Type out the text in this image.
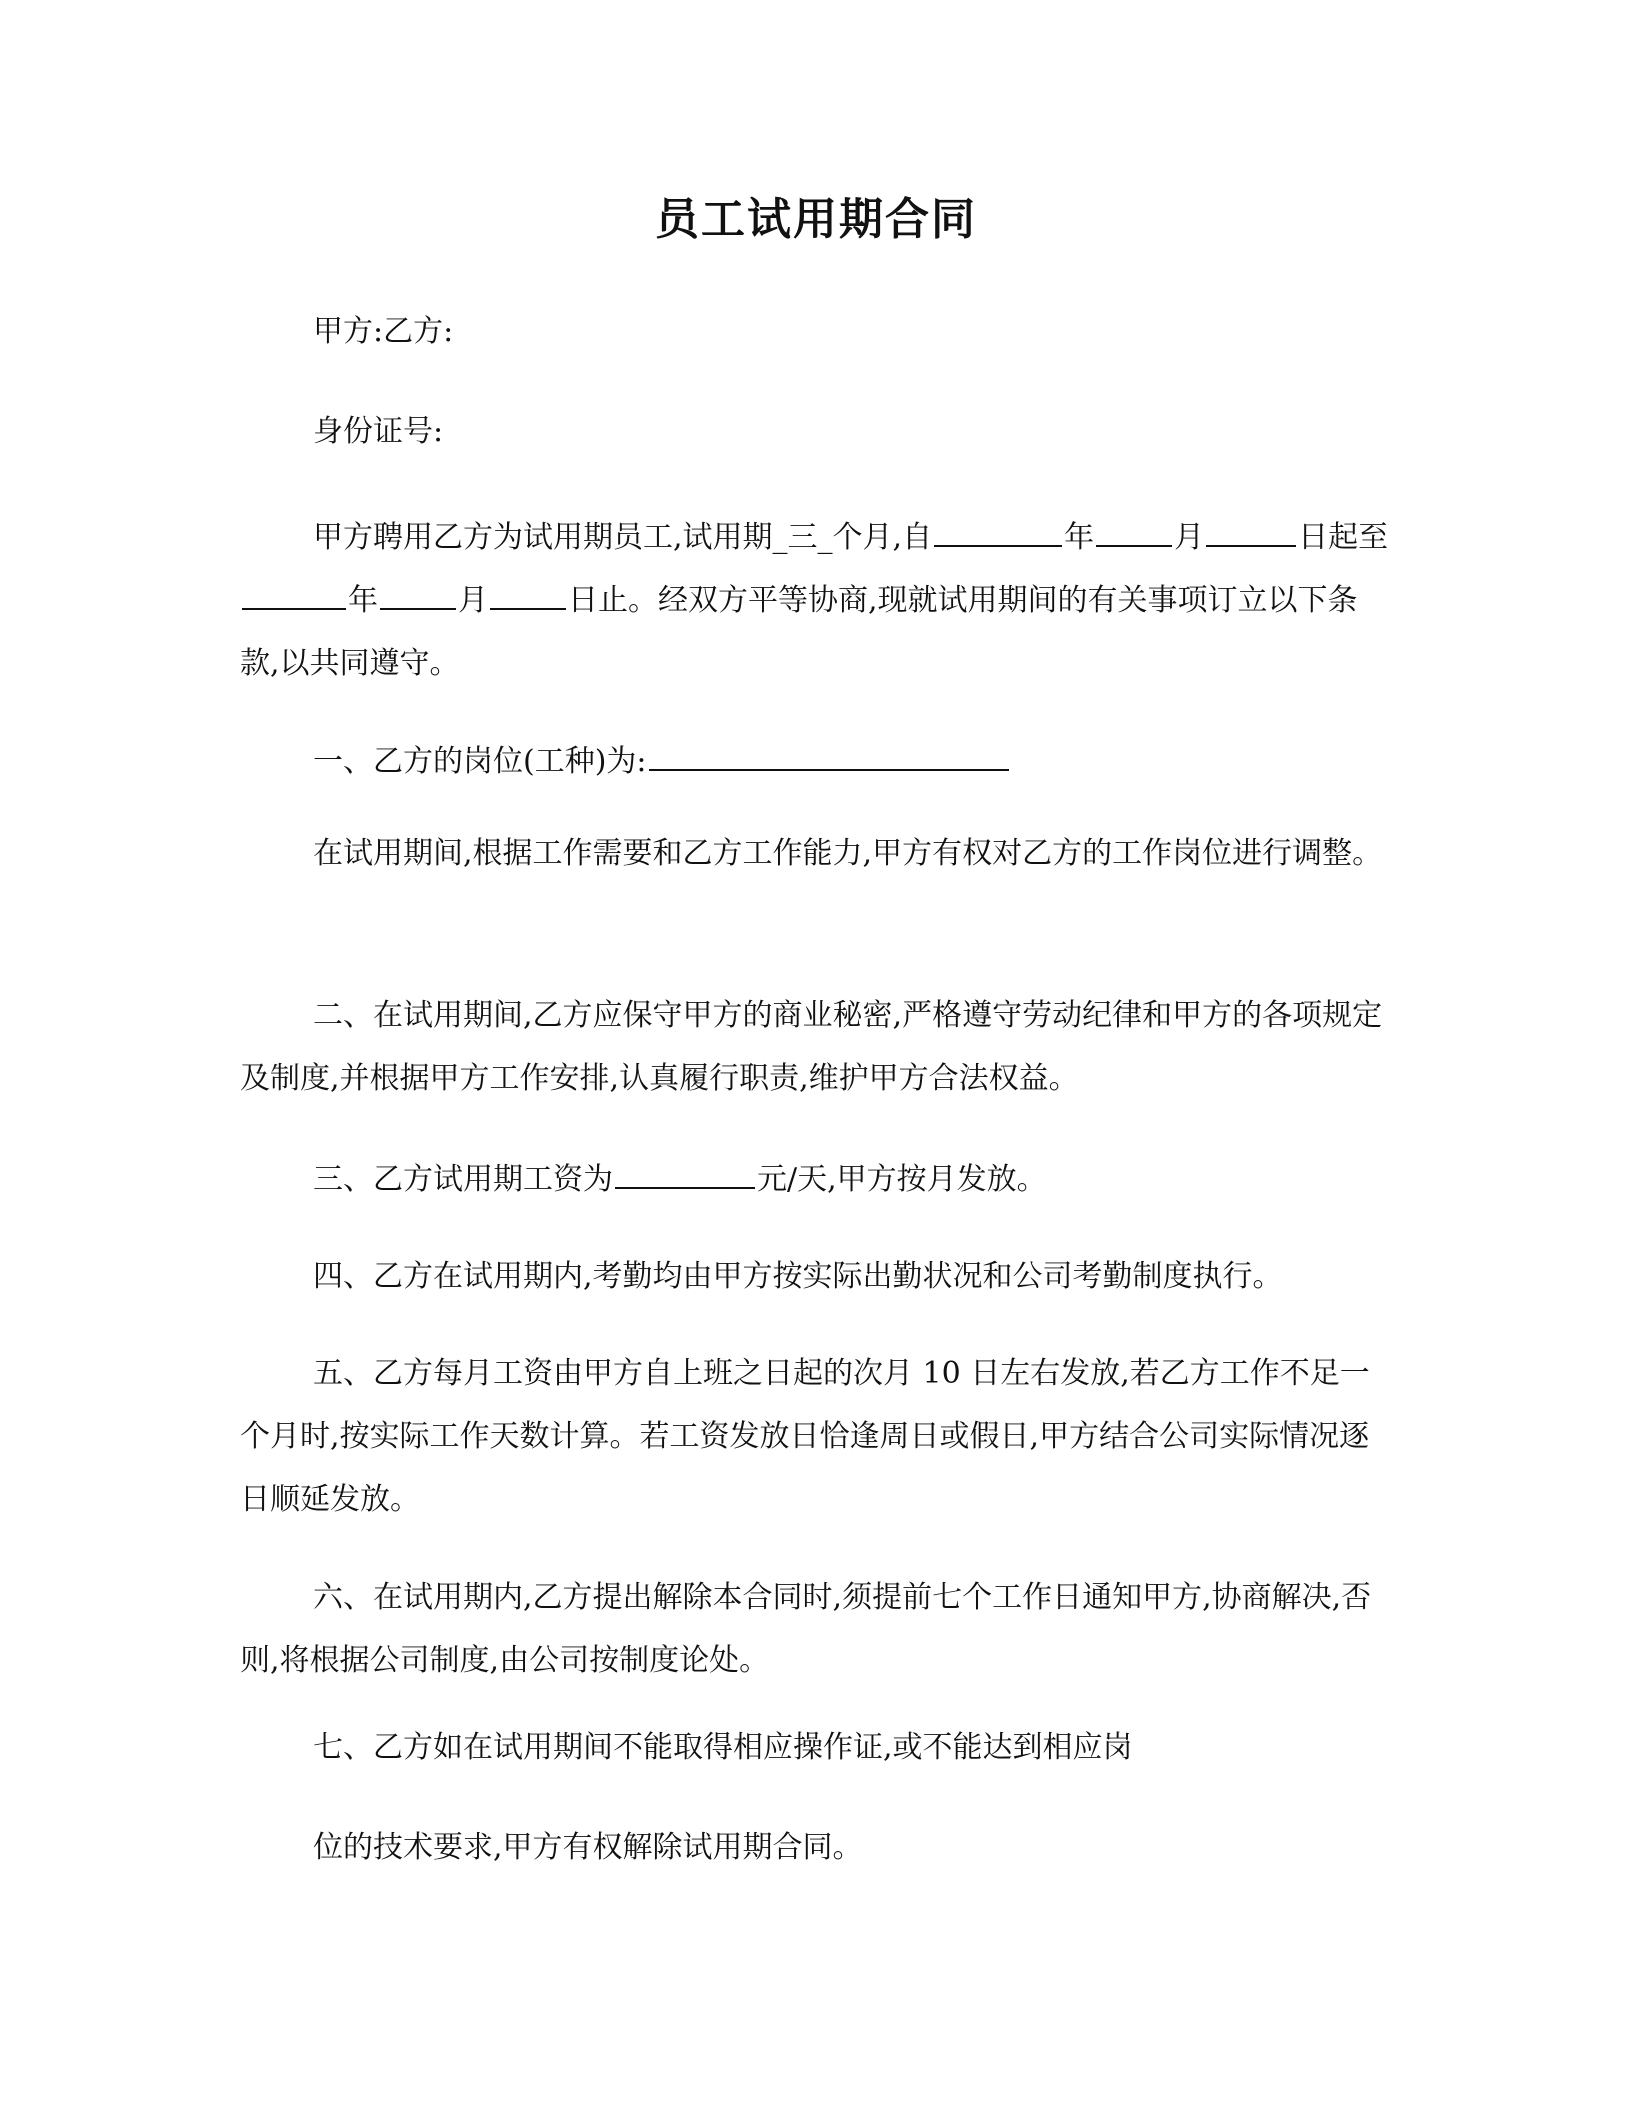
员工试用期合同
甲方:乙方:
身份证号:
甲方聘用乙方为试用期员工,试用期_三_个月,自	年	月	日起至年	月	日止。经双方平等协商,现就试用期间的有关事项订立以下条款,以共同遵守。
一、乙方的岗位(工种)为:
在试用期间,根据工作需要和乙方工作能力,甲方有权对乙方的工作岗位进行调整。
二、在试用期间,乙方应保守甲方的商业秘密,严格遵守劳动纪律和甲方的各项规定及制度,并根据甲方工作安排,认真履行职责,维护甲方合法权益。
三、乙方试用期工资为	元/天,甲方按月发放。
四、乙方在试用期内,考勤均由甲方按实际出勤状况和公司考勤制度执行。
五、乙方每月工资由甲方自上班之日起的次月 10 日左右发放,若乙方工作不足一个月时,按实际工作天数计算。若工资发放日恰逢周日或假日,甲方结合公司实际情况逐日顺延发放。
六、在试用期内,乙方提出解除本合同时,须提前七个工作日通知甲方,协商解决,否则,将根据公司制度,由公司按制度论处。
七、乙方如在试用期间不能取得相应操作证,或不能达到相应岗
位的技术要求,甲方有权解除试用期合同。
